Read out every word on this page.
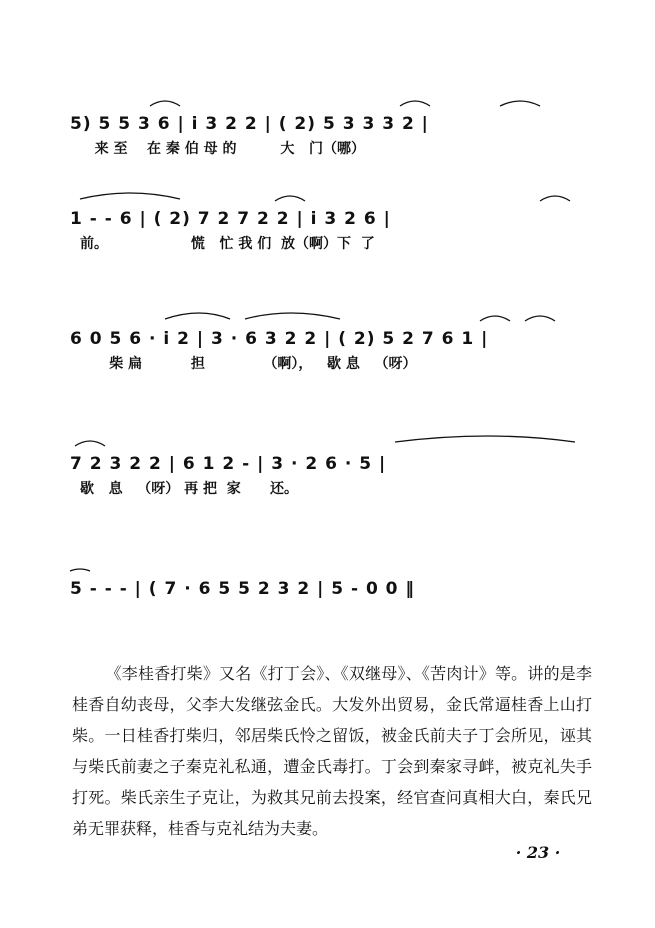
5) 5 5 3 6 | i 3 2 2 | ( 2) 5 3 3 3 2 |
来 至    在 秦 伯 母 的         大   门（哪）
1 - - 6 | ( 2) 7 2 7 2 2 | i 3 2 6 |
前。                 慌   忙 我 们  放（啊）下  了
6 0 5 6 · i 2 | 3 · 6 3 2 2 | ( 2) 5 2 7 6 1 |
柴 扁          担            （啊），   歇 息   （呀）
7 2 3 2 2 | 6 1 2 - | 3 · 2 6 · 5 |
歇   息   （呀） 再 把  家      还。
5 - - - | ( 7 · 6 5 5 2 3 2 | 5 - 0 0 ‖

《李桂香打柴》又名《打丁会》、《双继母》、《苦肉计》等。讲的是李桂香自幼丧母，父李大发继弦金氏。大发外出贸易，金氏常逼桂香上山打柴。一日桂香打柴归，邻居柴氏怜之留饭，被金氏前夫子丁会所见，诬其与柴氏前妻之子秦克礼私通，遭金氏毒打。丁会到秦家寻衅，被克礼失手打死。柴氏亲生子克让，为救其兄前去投案，经官查问真相大白，秦氏兄弟无罪获释，桂香与克礼结为夫妻。

· 23 ·
